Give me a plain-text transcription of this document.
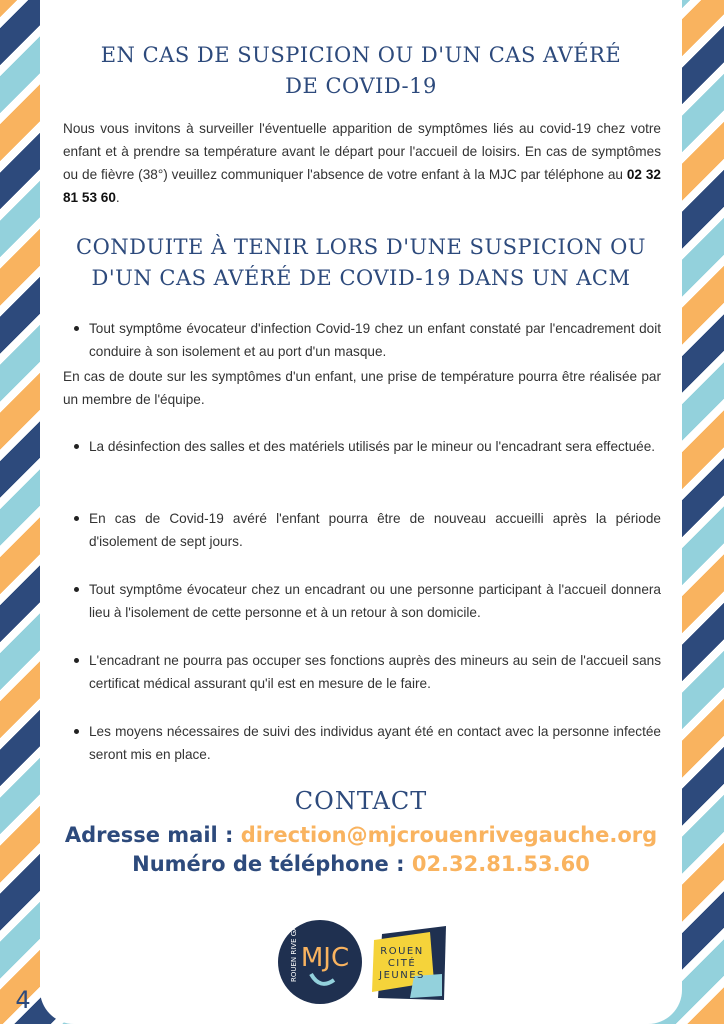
EN CAS DE SUSPICION OU D'UN CAS AVÉRÉ
DE COVID-19
Nous vous invitons à surveiller l'éventuelle apparition de symptômes liés au covid-19 chez votre enfant et à prendre sa température avant le départ pour l'accueil de loisirs. En cas de symptômes ou de fièvre (38°) veuillez communiquer l'absence de votre enfant à la MJC par téléphone au 02 32 81 53 60.
CONDUITE À TENIR LORS D'UNE SUSPICION OU
D'UN CAS AVÉRÉ DE COVID-19 DANS UN ACM
Tout symptôme évocateur d'infection Covid-19 chez un enfant constaté par l'encadrement doit conduire à son isolement et au port d'un masque.
En cas de doute sur les symptômes d'un enfant, une prise de température pourra être réalisée par un membre de l'équipe.
La désinfection des salles et des matériels utilisés par le mineur ou l'encadrant sera effectuée.
En cas de Covid-19 avéré l'enfant pourra être de nouveau accueilli après la période d'isolement de sept jours.
Tout symptôme évocateur chez un encadrant ou une personne participant à l'accueil donnera lieu à l'isolement de cette personne et à un retour à son domicile.
L'encadrant ne pourra pas occuper ses fonctions auprès des mineurs au sein de l'accueil sans certificat médical assurant qu'il est en mesure de le faire.
Les moyens nécessaires de suivi des individus ayant été en contact avec la personne infectée seront mis en place.
CONTACT
Adresse mail : direction@mjcrouenrivegauche.org
Numéro de téléphone : 02.32.81.53.60
ROUEN RIVE GAUCHE MJC	ROUEN
CITÉ
JEUNES
4
